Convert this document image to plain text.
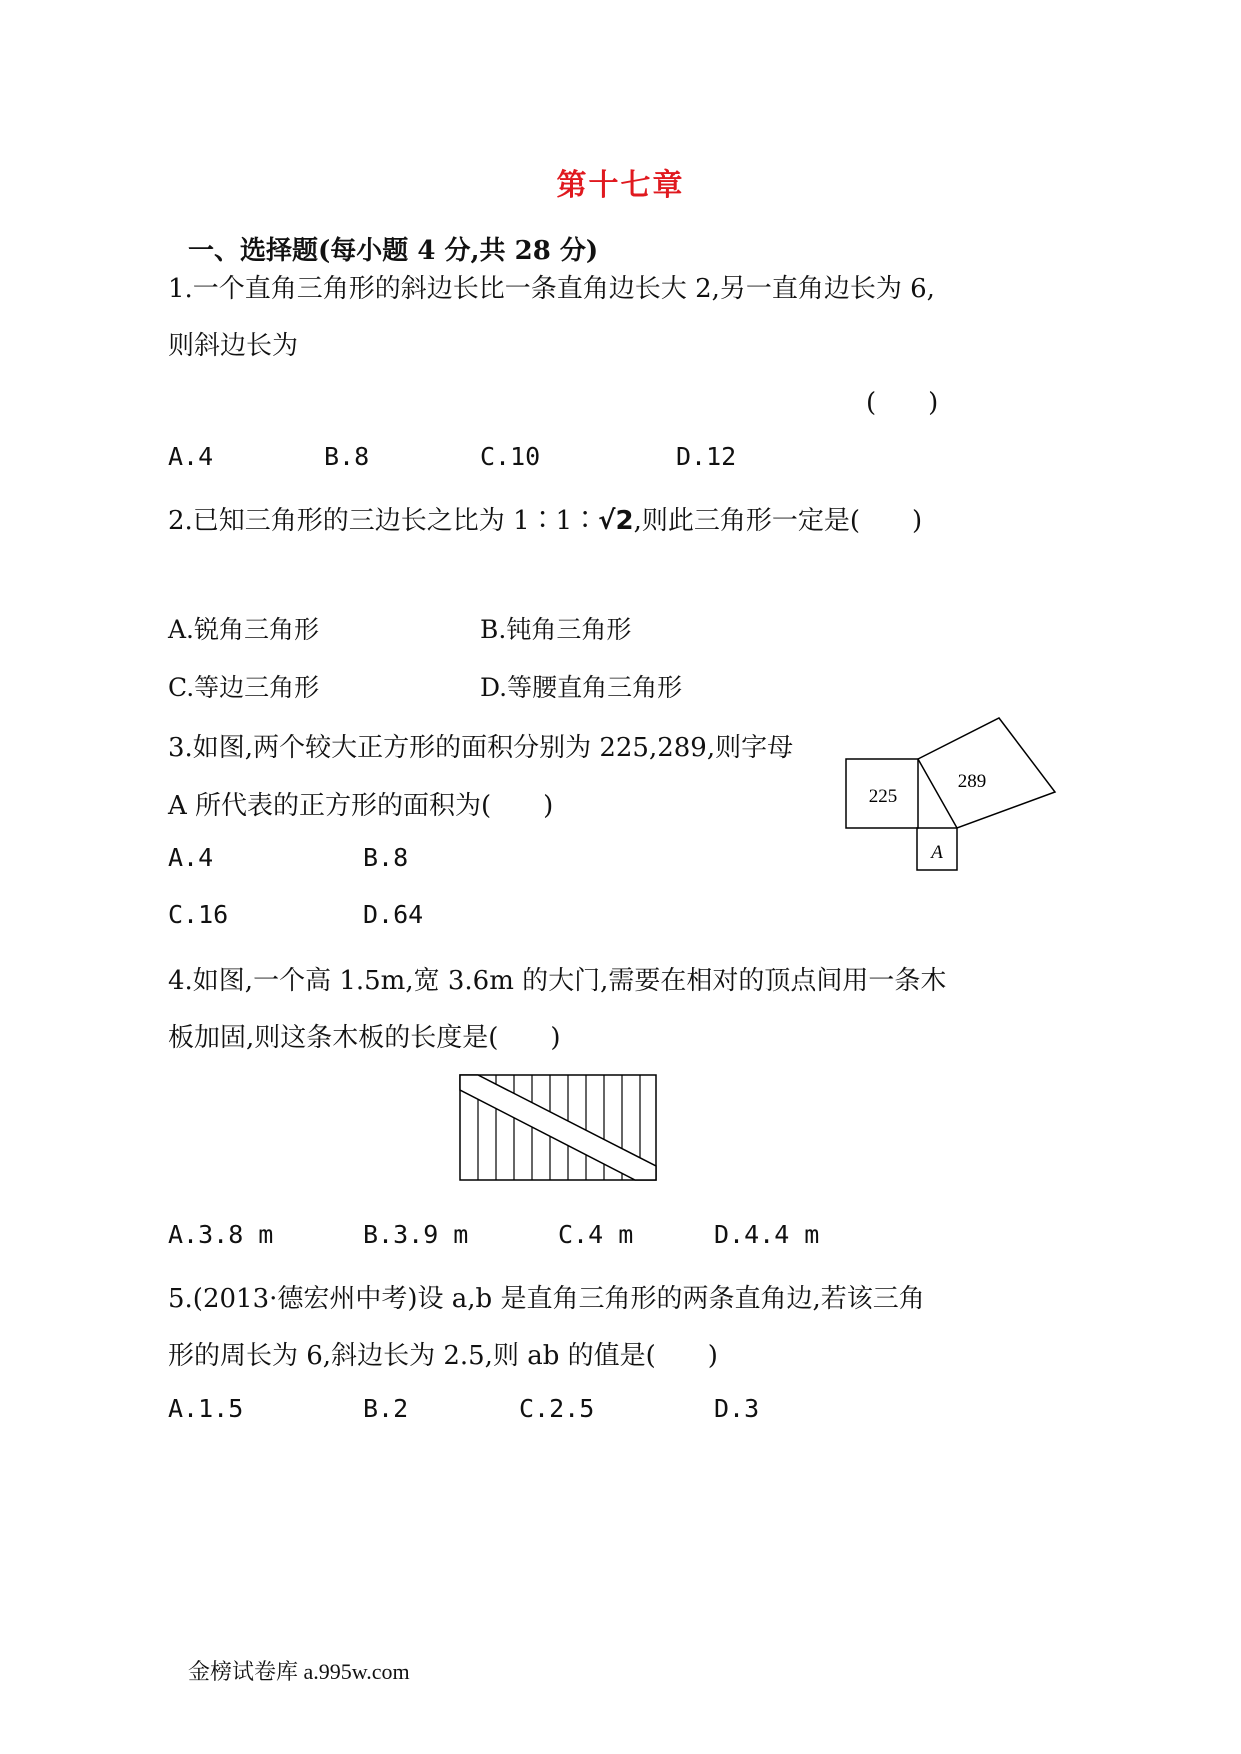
第十七章
一、选择题(每小题 4 分,共 28 分)
1.一个直角三角形的斜边长比一条直角边长大 2,另一直角边长为 6,
则斜边长为
(　　)
A.4	B.8	C.10	D.12
2.已知三角形的三边长之比为 1∶1∶√2,则此三角形一定是(　　)
A.锐角三角形	B.钝角三角形
C.等边三角形	D.等腰直角三角形
3.如图,两个较大正方形的面积分别为 225,289,则字母
A 所代表的正方形的面积为(　　)
A.4	B.8
C.16	D.64
225
289
A
4.如图,一个高 1.5m,宽 3.6m 的大门,需要在相对的顶点间用一条木
板加固,则这条木板的长度是(　　)
A.3.8 m	B.3.9 m	C.4 m	D.4.4 m
5.(2013·德宏州中考)设 a,b 是直角三角形的两条直角边,若该三角
形的周长为 6,斜边长为 2.5,则 ab 的值是(　　)
A.1.5	B.2	C.2.5	D.3
金榜试卷库 a.995w.com
